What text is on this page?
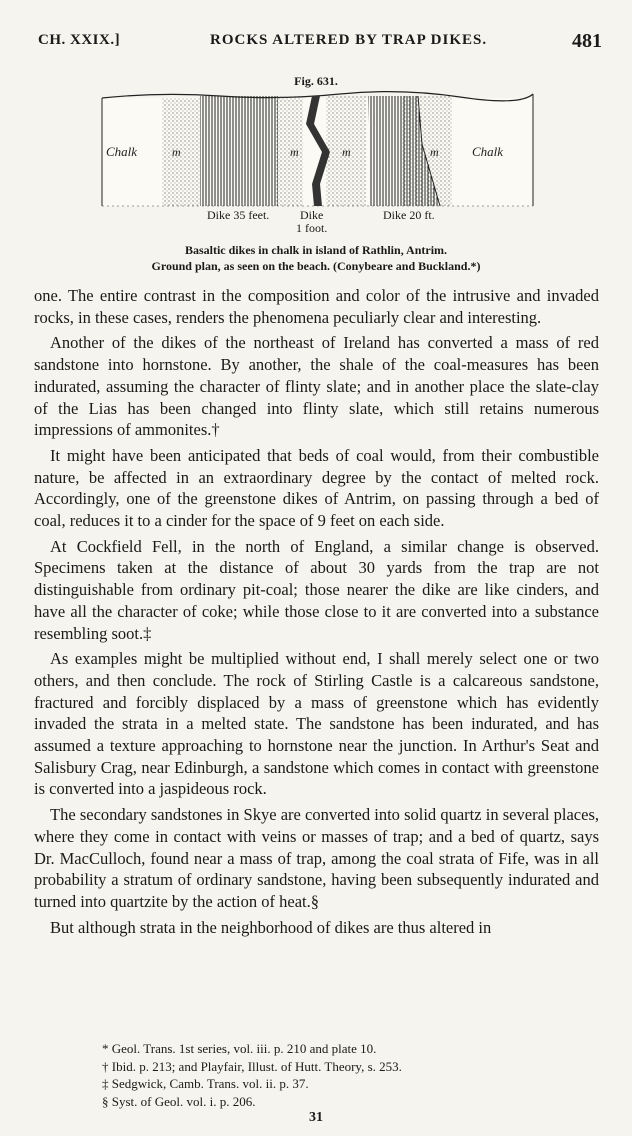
CH. XXIX.]	ROCKS ALTERED BY TRAP DIKES.	481
Fig. 631.
Chalk	m	m	m	m	Chalk
Dike 35 feet.	Dike
1 foot.
Dike 20 ft.
Basaltic dikes in chalk in island of Rathlin, Antrim.
Ground plan, as seen on the beach. (Conybeare and Buckland.*)

one. The entire contrast in the composition and color of the intrusive and invaded rocks, in these cases, renders the phenomena peculiarly clear and interesting.

Another of the dikes of the northeast of Ireland has converted a mass of red sandstone into hornstone. By another, the shale of the coal-measures has been indurated, assuming the character of flinty slate; and in another place the slate-clay of the Lias has been changed into flinty slate, which still retains numerous impressions of ammonites.†

It might have been anticipated that beds of coal would, from their combustible nature, be affected in an extraordinary degree by the contact of melted rock. Accordingly, one of the greenstone dikes of Antrim, on passing through a bed of coal, reduces it to a cinder for the space of 9 feet on each side.

At Cockfield Fell, in the north of England, a similar change is observed. Specimens taken at the distance of about 30 yards from the trap are not distinguishable from ordinary pit-coal; those nearer the dike are like cinders, and have all the character of coke; while those close to it are converted into a substance resembling soot.‡

As examples might be multiplied without end, I shall merely select one or two others, and then conclude. The rock of Stirling Castle is a calcareous sandstone, fractured and forcibly displaced by a mass of greenstone which has evidently invaded the strata in a melted state. The sandstone has been indurated, and has assumed a texture approaching to hornstone near the junction. In Arthur's Seat and Salisbury Crag, near Edinburgh, a sandstone which comes in contact with greenstone is converted into a jaspideous rock.

The secondary sandstones in Skye are converted into solid quartz in several places, where they come in contact with veins or masses of trap; and a bed of quartz, says Dr. MacCulloch, found near a mass of trap, among the coal strata of Fife, was in all probability a stratum of ordinary sandstone, having been subsequently indurated and turned into quartzite by the action of heat.§

But although strata in the neighborhood of dikes are thus altered in

* Geol. Trans. 1st series, vol. iii. p. 210 and plate 10.
† Ibid. p. 213; and Playfair, Illust. of Hutt. Theory, s. 253.
‡ Sedgwick, Camb. Trans. vol. ii. p. 37.
§ Syst. of Geol. vol. i. p. 206.
31
